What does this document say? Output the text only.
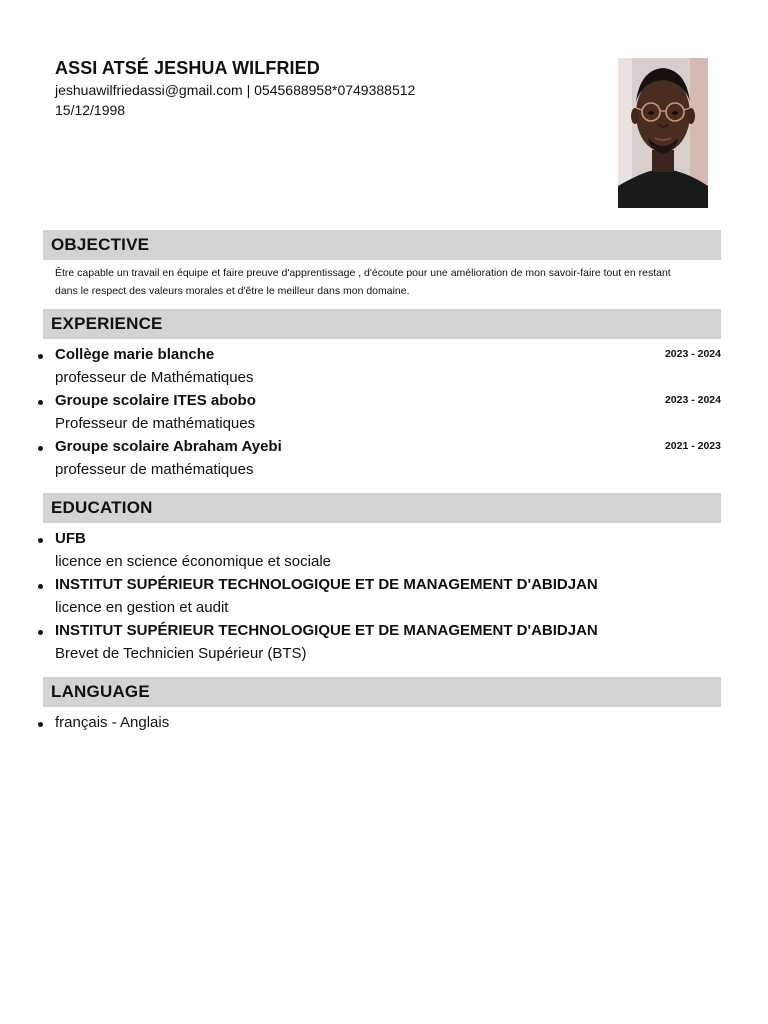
ASSI ATSÉ JESHUA WILFRIED
jeshuawilfriedassi@gmail.com | 0545688958*0749388512
15/12/1998
OBJECTIVE
Être capable un travail en équipe et faire preuve d'apprentissage , d'écoute pour une amélioration de mon savoir-faire tout en restant dans le respect des valeurs morales et d'être le meilleur dans mon domaine.
EXPERIENCE
Collège marie blanche	2023 - 2024
professeur de Mathématiques
Groupe scolaire ITES abobo	2023 - 2024
Professeur de mathématiques
Groupe scolaire Abraham Ayebi	2021 - 2023
professeur de mathématiques
EDUCATION
UFB
licence en science économique et sociale
INSTITUT SUPÉRIEUR TECHNOLOGIQUE ET DE MANAGEMENT D'ABIDJAN
licence en gestion et audit
INSTITUT SUPÉRIEUR TECHNOLOGIQUE ET DE MANAGEMENT D'ABIDJAN
Brevet de Technicien Supérieur (BTS)
LANGUAGE
français - Anglais
